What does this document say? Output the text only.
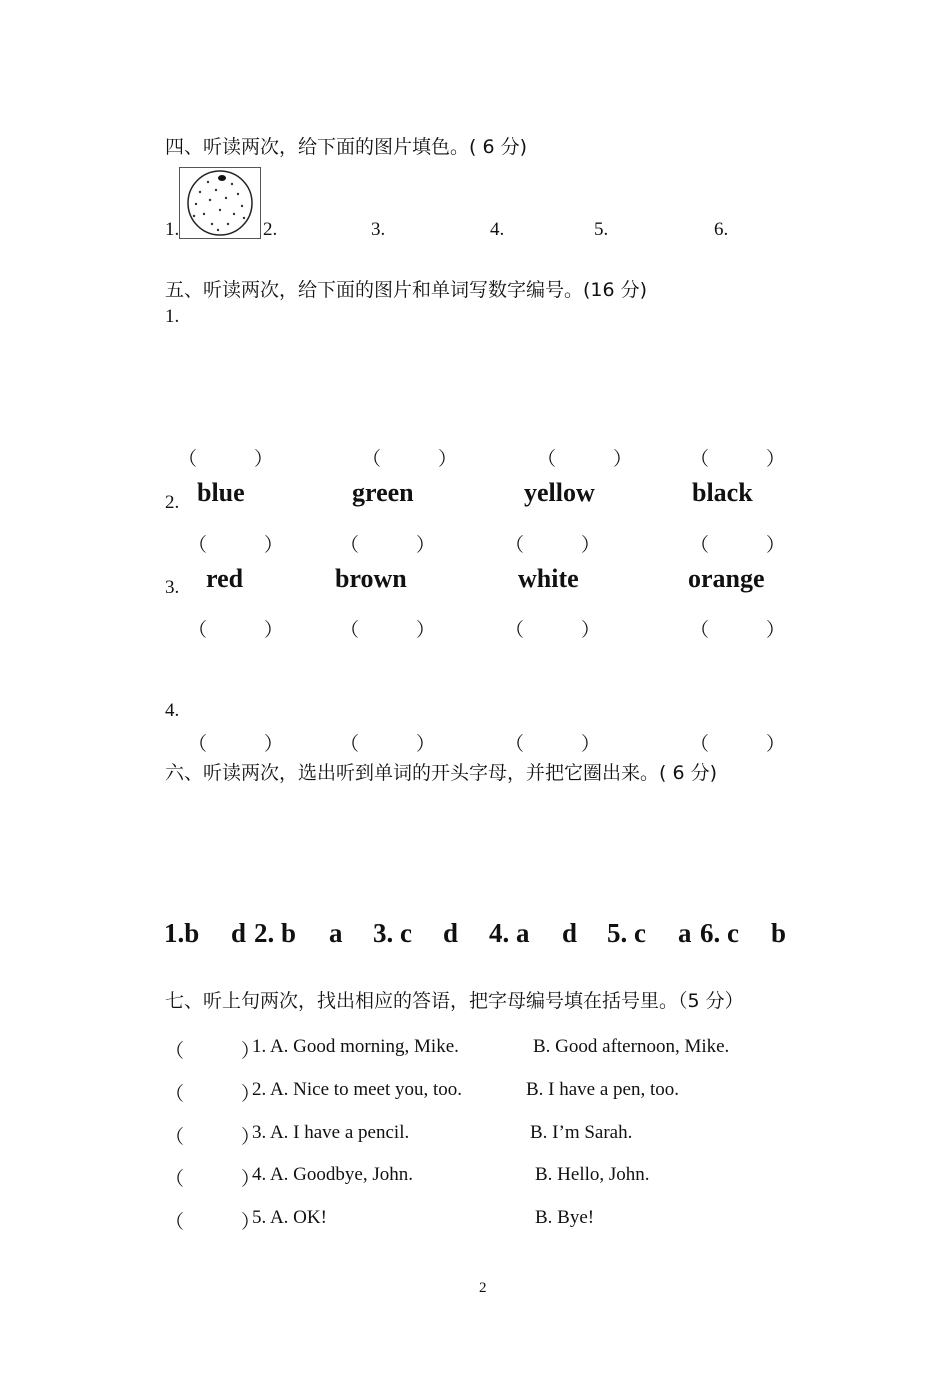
四、听读两次，给下面的图片填色。( 6 分)
1.	2.	3.	4.	5.	6.
五、听读两次，给下面的图片和单词写数字编号。(16 分)
1.
（　　　）	（　　　）	（　　　）	（　　　）
2. blue	green	yellow	black
（　　　）	（　　　）	（　　　）	（　　　）
3. red	brown	white	orange
（　　　）	（　　　）	（　　　）	（　　　）
4.
（　　　）	（　　　）	（　　　）	（　　　）
六、听读两次，选出听到单词的开头字母，并把它圈出来。( 6 分)
1.b d 2. b a 3. c d 4. a d 5. c a 6. c b
七、听上句两次，找出相应的答语，把字母编号填在括号里。（5 分）
（　　　）
1. A. Good morning, Mike.	B. Good afternoon, Mike.
（　　　）
2. A. Nice to meet you, too.	B. I have a pen, too.
（　　　）
3. A. I have a pencil.	B. I’m Sarah.
（　　　）
4. A. Goodbye, John.	B. Hello, John.
（　　　）
5. A. OK!	B. Bye!
2
